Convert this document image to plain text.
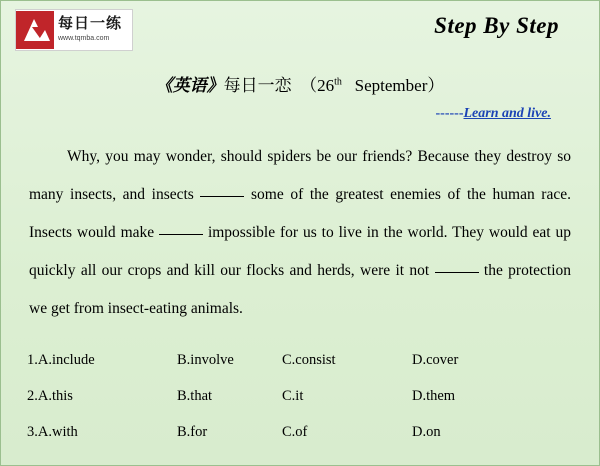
每日一练
www.tqmba.com
Step By Step
《英语》每日一恋 （26th September）
------Learn and live.
Why, you may wonder, should spiders be our friends? Because they destroy so many insects, and insects	some of the greatest enemies of the human race. Insects would make	impossible for us to live in the world. They would eat up quickly all our crops and kill our flocks and herds, were it not	the protection we get from insect-eating animals.
1.A.include	B.involve	C.consist	D.cover
2.A.this	B.that	C.it	D.them
3.A.with	B.for	C.of	D.on
